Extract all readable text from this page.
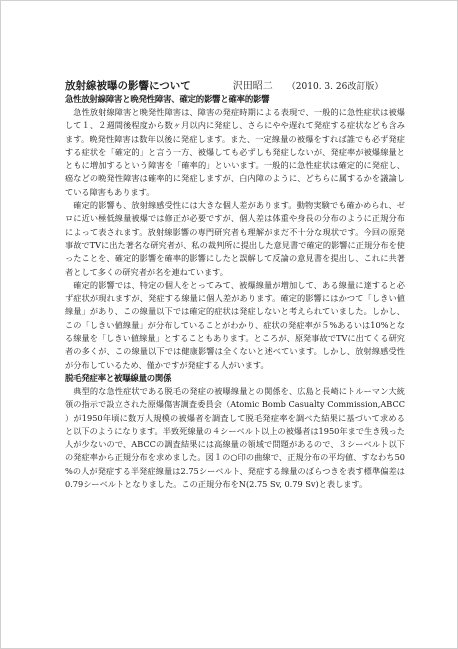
放射線被曝の影響について	沢田昭二 （2010. 3. 26改訂版）
急性放射線障害と晩発性障害、確定的影響と確率的影響

　急性放射線障害と晩発性障害は、障害の発症時期による表現で、一般的に急性症状は被爆して１、２週間後程度から数ヶ月以内に発症し、さらにやや遅れて発症する症状なども含みます。晩発性障害は数年以後に発症します。また、一定線量の被爆をすれば誰でも必ず発症する症状を「確定的」と言う一方、被爆しても必ずしも発症しないが、発症率が被爆線量とともに増加するという障害を「確率的」といいます。一般的に急性症状は確定的に発症し、癌などの晩発性障害は確率的に発症しますが、白内障のように、どちらに属するかを議論している障害もあります。

　確定的影響も、放射線感受性には大きな個人差があります。動物実験でも確かめられ、ゼロに近い極低線量被爆では修正が必要ですが、個人差は体重や身長の分布のように正規分布によって表されます。放射線影響の専門研究者も理解がまだ不十分な現状です。今回の原発事故でTVに出た著名な研究者が、私の裁判所に提出した意見書で確定的影響に正規分布を使ったことを、確定的影響を確率的影響にしたと誤解して反論の意見書を提出し、これに共著者として多くの研究者が名を連ねています。

　確定的影響では、特定の個人をとってみて、被爆線量が増加して、ある線量に達すると必ず症状が現れますが、発症する線量に個人差があります。確定的影響にはかつて「しきい値線量」があり、この線量以下では確定的症状は発症しないと考えられていました。しかし、この「しきい値線量」が分布していることがわかり、症状の発症率が５%あるいは10%となる線量を「しきい値線量」とすることもあります。ところが、原発事故でTVに出てくる研究者の多くが、この線量以下では健康影響は全くないと述べています。しかし、放射線感受性が分布しているため、僅かですが発症する人がいます。

脱毛発症率と被曝線量の関係

　典型的な急性症状である脱毛の発症の被曝線量との関係を、広島と長崎にトルーマン大統領の指示で設立された原爆傷害調査委員会（Atomic Bomb Casualty Commission,ABCC）が1950年頃に数万人規模の被爆者を調査して脱毛発症率を調べた結果に基づいて求めると以下のようになります。半致死線量の４シーベルト以上の被爆者は1950年まで生き残った人が少ないので、ABCCの調査結果には高線量の領域で問題があるので、３シーベルト以下の発症率から正規分布を求めました。図１の○印の曲線で、正規分布の平均値、すなわち50%の人が発症する半発症線量は2.75シーベルト、発症する線量のばらつきを表す標準偏差は0.79シーベルトとなりました。この正規分布をN(2.75 Sv, 0.79 Sv)と表します。
